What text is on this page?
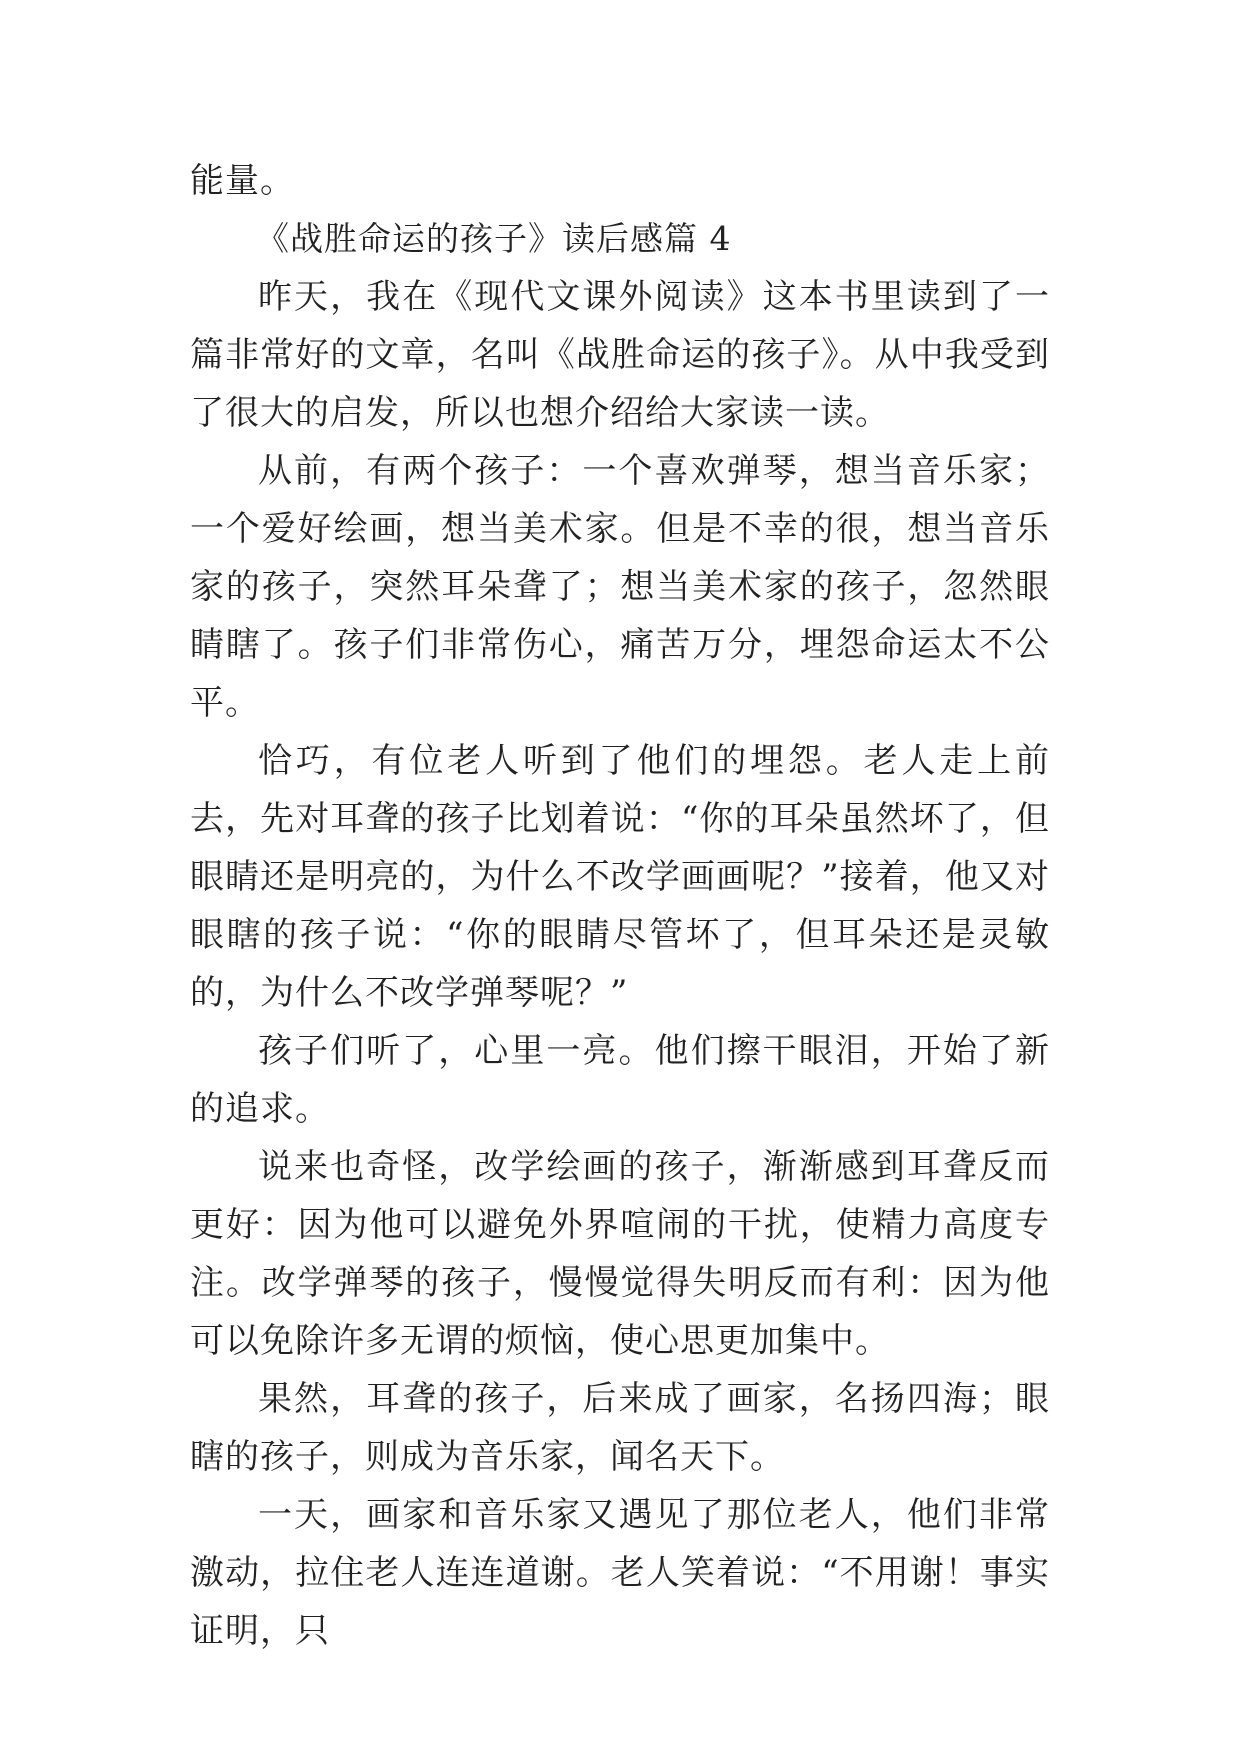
能量。

《战胜命运的孩子》读后感篇 4

昨天，我在《现代文课外阅读》这本书里读到了一篇非常好的文章，名叫《战胜命运的孩子》。从中我受到了很大的启发，所以也想介绍给大家读一读。

从前，有两个孩子：一个喜欢弹琴，想当音乐家；一个爱好绘画，想当美术家。但是不幸的很，想当音乐家的孩子，突然耳朵聋了；想当美术家的孩子，忽然眼睛瞎了。孩子们非常伤心，痛苦万分，埋怨命运太不公平。

恰巧，有位老人听到了他们的埋怨。老人走上前去，先对耳聋的孩子比划着说：“你的耳朵虽然坏了，但眼睛还是明亮的，为什么不改学画画呢？”接着，他又对眼瞎的孩子说：“你的眼睛尽管坏了，但耳朵还是灵敏的，为什么不改学弹琴呢？”

孩子们听了，心里一亮。他们擦干眼泪，开始了新的追求。

说来也奇怪，改学绘画的孩子，渐渐感到耳聋反而更好：因为他可以避免外界喧闹的干扰，使精力高度专注。改学弹琴的孩子，慢慢觉得失明反而有利：因为他可以免除许多无谓的烦恼，使心思更加集中。

果然，耳聋的孩子，后来成了画家，名扬四海；眼瞎的孩子，则成为音乐家，闻名天下。

一天，画家和音乐家又遇见了那位老人，他们非常激动，拉住老人连连道谢。老人笑着说：“不用谢！事实证明，只
